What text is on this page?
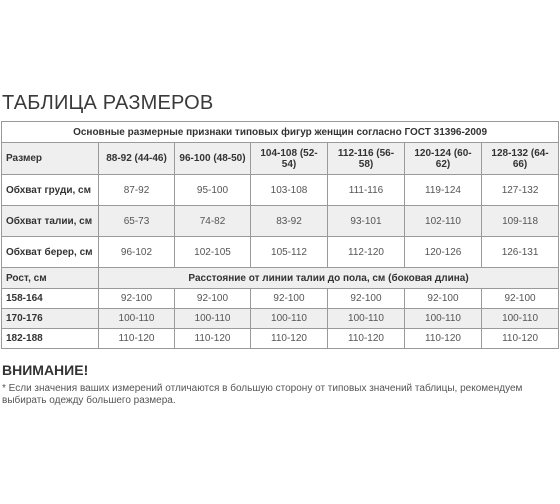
ТАБЛИЦА РАЗМЕРОВ
Основные размерные признаки типовых фигур женщин согласно ГОСТ 31396-2009						
Размер	88-92 (44-46)	96-100 (48-50)	104-108 (52-54)	112-116 (56-58)	120-124 (60-62)	128-132 (64-66)
Обхват груди, см	87-92	95-100	103-108	111-116	119-124	127-132
Обхват талии, см	65-73	74-82	83-92	93-101	102-110	109-118
Обхват берер, см	96-102	102-105	105-112	112-120	120-126	126-131
Рост, см	Расстояние от линии талии до пола, см (боковая длина)					
158-164	92-100	92-100	92-100	92-100	92-100	92-100
170-176	100-110	100-110	100-110	100-110	100-110	100-110
182-188	110-120	110-120	110-120	110-120	110-120	110-120
ВНИМАНИЕ!
* Если значения ваших измерений отличаются в большую сторону от типовых значений таблицы, рекомендуем выбирать одежду большего размера.
